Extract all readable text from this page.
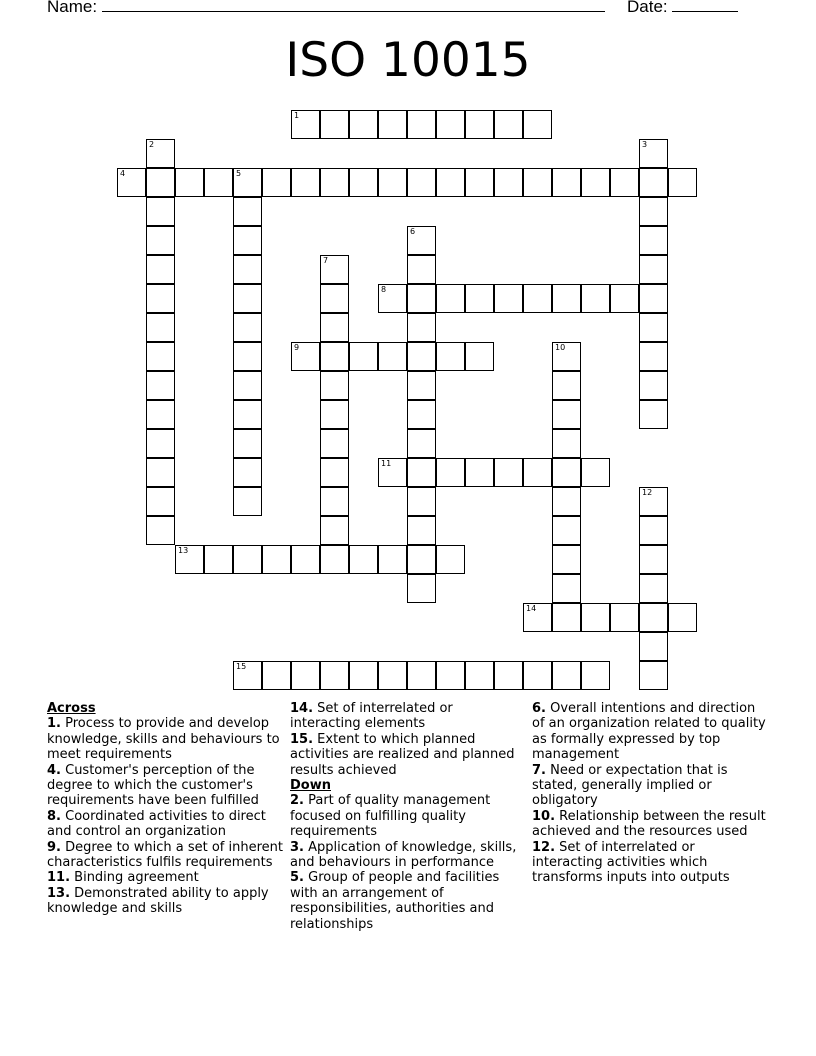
Name:	Date:
ISO 10015
1
2	3
4	5
6
7
8
9	10
11
12
13
14
15
Across
1. Process to provide and develop knowledge, skills and behaviours to meet requirements
4. Customer's perception of the degree to which the customer's requirements have been fulfilled
8. Coordinated activities to direct and control an organization
9. Degree to which a set of inherent characteristics fulfils requirements
11. Binding agreement
13. Demonstrated ability to apply knowledge and skills
14. Set of interrelated or interacting elements
15. Extent to which planned activities are realized and planned results achieved
Down
2. Part of quality management focused on fulfilling quality requirements
3. Application of knowledge, skills, and behaviours in performance
5. Group of people and facilities with an arrangement of responsibilities, authorities and relationships
6. Overall intentions and direction of an organization related to quality as formally expressed by top management
7. Need or expectation that is stated, generally implied or obligatory
10. Relationship between the result achieved and the resources used
12. Set of interrelated or interacting activities which transforms inputs into outputs
